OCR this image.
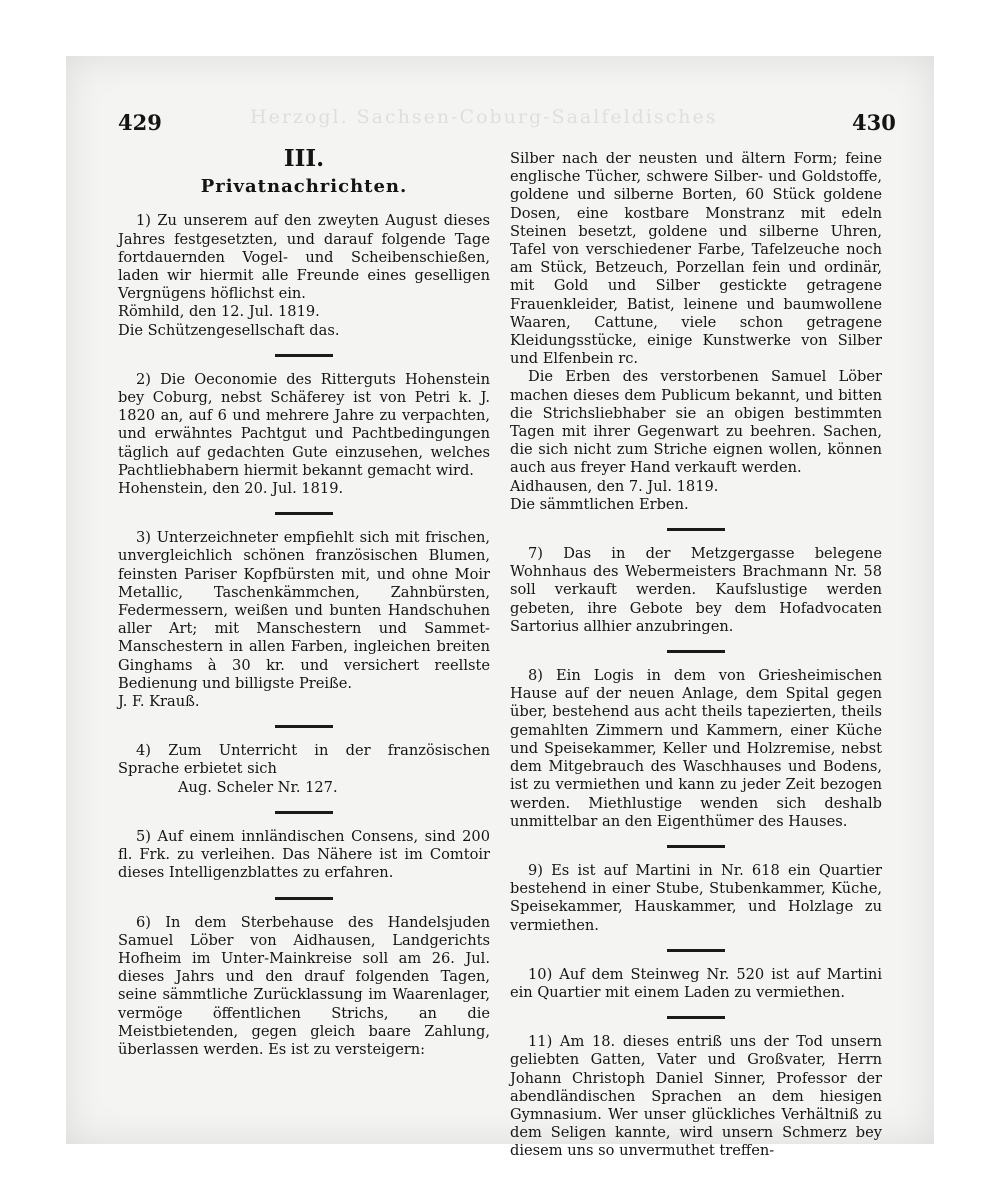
Herzogl. Sachsen-Coburg-Saalfeldisches
429	430
III.
Privatnachrichten.

1) Zu unserem auf den zweyten August dieses Jahres festgesetzten, und darauf folgende Tage fortdauernden Vogel- und Scheibenschießen, laden wir hiermit alle Freunde eines geselligen Vergnügens höflichst ein.

Römhild, den 12. Jul. 1819.

Die Schützengesellschaft das.

2) Die Oeconomie des Ritterguts Hohenstein bey Coburg, nebst Schäferey ist von Petri k. J. 1820 an, auf 6 und mehrere Jahre zu verpachten, und erwähntes Pachtgut und Pachtbedingungen täglich auf gedachten Gute einzusehen, welches Pachtliebhabern hiermit bekannt gemacht wird.

Hohenstein, den 20. Jul. 1819.

3) Unterzeichneter empfiehlt sich mit frischen, unvergleichlich schönen französischen Blumen, feinsten Pariser Kopfbürsten mit, und ohne Moir Metallic, Taschenkämmchen, Zahnbürsten, Federmessern, weißen und bunten Handschuhen aller Art; mit Manschestern und Sammet-Manschestern in allen Farben, ingleichen breiten Ginghams à 30 kr. und versichert reellste Bedienung und billigste Preiße.

J. F. Krauß.

4) Zum Unterricht in der französischen Sprache erbietet sich

Aug. Scheler Nr. 127.

5) Auf einem innländischen Consens, sind 200 fl. Frk. zu verleihen. Das Nähere ist im Comtoir dieses Intelligenzblattes zu erfahren.

6) In dem Sterbehause des Handelsjuden Samuel Löber von Aidhausen, Landgerichts Hofheim im Unter-Mainkreise soll am 26. Jul. dieses Jahrs und den drauf folgenden Tagen, seine sämmtliche Zurücklassung im Waarenlager, vermöge öffentlichen Strichs, an die Meistbietenden, gegen gleich baare Zahlung, überlassen werden. Es ist zu versteigern:

Silber nach der neusten und ältern Form; feine englische Tücher, schwere Silber- und Goldstoffe, goldene und silberne Borten, 60 Stück goldene Dosen, eine kostbare Monstranz mit edeln Steinen besetzt, goldene und silberne Uhren, Tafel von verschiedener Farbe, Tafelzeuche noch am Stück, Betzeuch, Porzellan fein und ordinär, mit Gold und Silber gestickte getragene Frauenkleider, Batist, leinene und baumwollene Waaren, Cattune, viele schon getragene Kleidungsstücke, einige Kunstwerke von Silber und Elfenbein rc.

Die Erben des verstorbenen Samuel Löber machen dieses dem Publicum bekannt, und bitten die Strichsliebhaber sie an obigen bestimmten Tagen mit ihrer Gegenwart zu beehren. Sachen, die sich nicht zum Striche eignen wollen, können auch aus freyer Hand verkauft werden.

Aidhausen, den 7. Jul. 1819.

Die sämmtlichen Erben.

7) Das in der Metzgergasse belegene Wohnhaus des Webermeisters Brachmann Nr. 58 soll verkauft werden. Kaufslustige werden gebeten, ihre Gebote bey dem Hofadvocaten Sartorius allhier anzubringen.

8) Ein Logis in dem von Griesheimischen Hause auf der neuen Anlage, dem Spital gegen über, bestehend aus acht theils tapezierten, theils gemahlten Zimmern und Kammern, einer Küche und Speisekammer, Keller und Holzremise, nebst dem Mitgebrauch des Waschhauses und Bodens, ist zu vermiethen und kann zu jeder Zeit bezogen werden. Miethlustige wenden sich deshalb unmittelbar an den Eigenthümer des Hauses.

9) Es ist auf Martini in Nr. 618 ein Quartier bestehend in einer Stube, Stubenkammer, Küche, Speisekammer, Hauskammer, und Holzlage zu vermiethen.

10) Auf dem Steinweg Nr. 520 ist auf Martini ein Quartier mit einem Laden zu vermiethen.

11) Am 18. dieses entriß uns der Tod unsern geliebten Gatten, Vater und Großvater, Herrn Johann Christoph Daniel Sinner, Professor der abendländischen Sprachen an dem hiesigen Gymnasium. Wer unser glückliches Verhältniß zu dem Seligen kannte, wird unsern Schmerz bey diesem uns so unvermuthet treffen-
